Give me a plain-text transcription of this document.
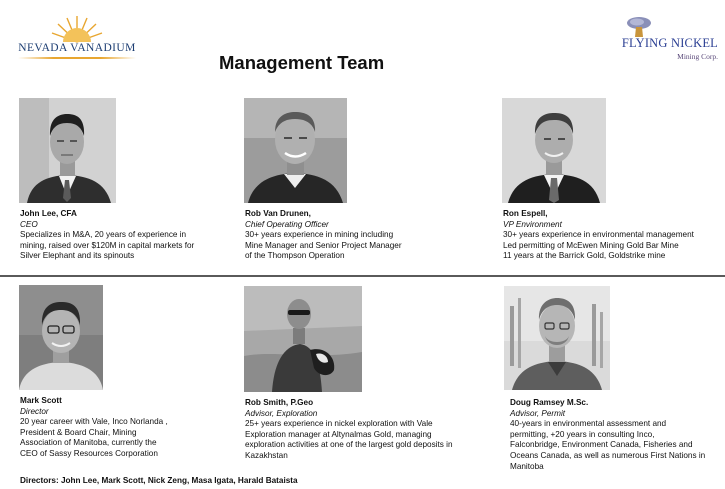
NEVADA VANADIUM	FLYING NICKEL
Mining Corp.
Management Team
John Lee, CFA
CEO
Specializes in M&A, 20 years of experience in
mining, raised over $120M in capital markets for
Silver Elephant and its spinouts
Rob Van Drunen,
Chief Operating Officer
30+ years experience in mining including
Mine Manager and Senior Project Manager
of the Thompson Operation
Ron Espell,
VP Environment
30+ years experience in environmental management
Led permitting of McEwen Mining Gold Bar Mine
11 years at the Barrick Gold, Goldstrike mine
Mark Scott
Director
20 year career with Vale, Inco Norlanda ,
President & Board Chair, Mining
Association of Manitoba, currently the
CEO of Sassy Resources Corporation
Rob Smith, P.Geo
Advisor, Exploration
25+ years experience in nickel exploration with Vale
Exploration manager at Altynalmas Gold, managing
exploration activities at one of the largest gold deposits in
Kazakhstan
Doug Ramsey M.Sc.
Advisor, Permit
40-years in environmental assessment and
permitting, +20 years in consulting Inco,
Falconbridge, Environment Canada, Fisheries and
Oceans Canada, as well as numerous First Nations in
Manitoba
Directors: John Lee, Mark Scott, Nick Zeng, Masa Igata, Harald Bataista
